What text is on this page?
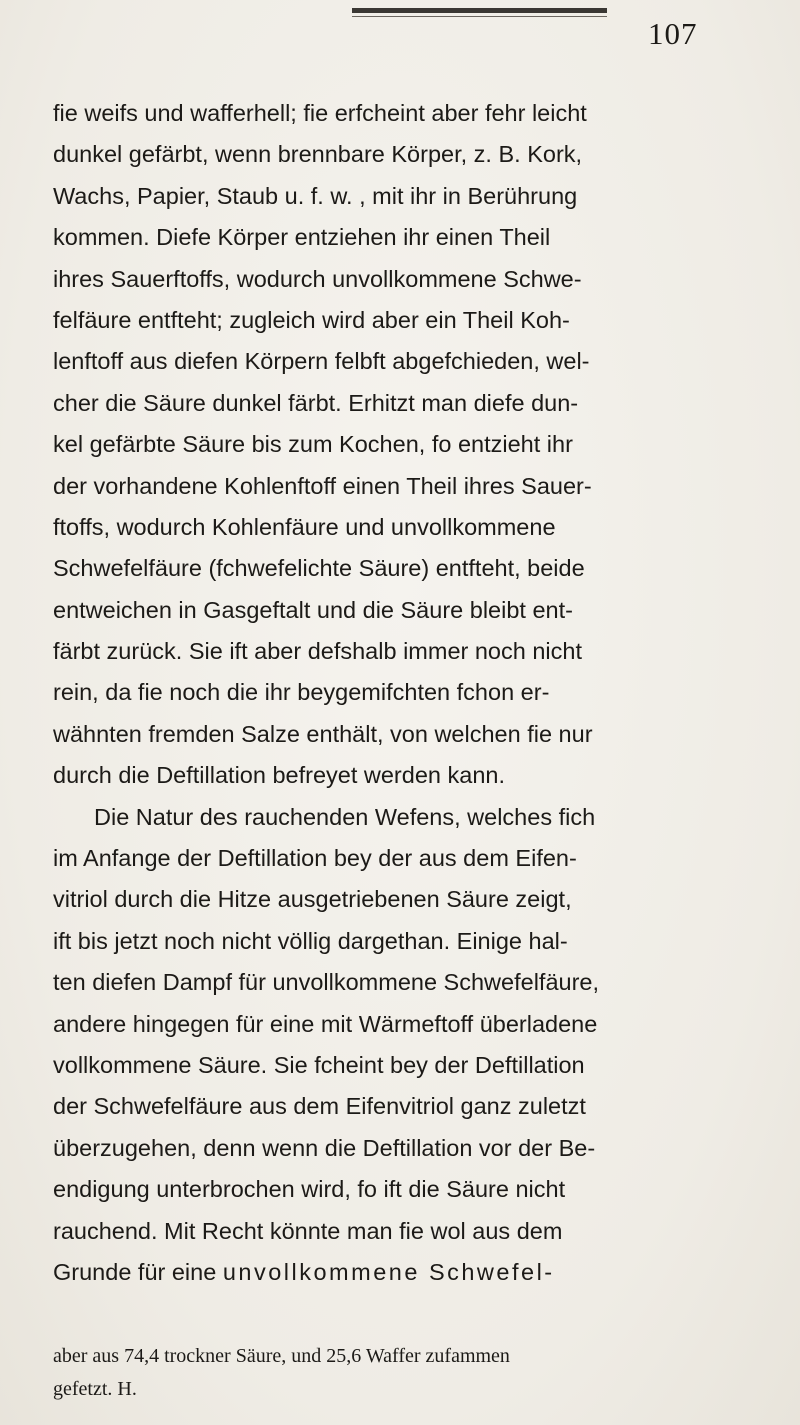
107
fie weifs und wafferhell; fie erfcheint aber fehr leicht
dunkel gefärbt, wenn brennbare Körper, z. B. Kork,
Wachs, Papier, Staub u. f. w. , mit ihr in Berührung
kommen. Diefe Körper entziehen ihr einen Theil
ihres Sauerftoffs, wodurch unvollkommene Schwe-
felfäure entfteht; zugleich wird aber ein Theil Koh-
lenftoff aus diefen Körpern felbft abgefchieden, wel-
cher die Säure dunkel färbt. Erhitzt man diefe dun-
kel gefärbte Säure bis zum Kochen, fo entzieht ihr
der vorhandene Kohlenftoff einen Theil ihres Sauer-
ftoffs, wodurch Kohlenfäure und unvollkommene
Schwefelfäure (fchwefelichte Säure) entfteht, beide
entweichen in Gasgeftalt und die Säure bleibt ent-
färbt zurück. Sie ift aber defshalb immer noch nicht
rein, da fie noch die ihr beygemifchten fchon er-
wähnten fremden Salze enthält, von welchen fie nur
durch die Deftillation befreyet werden kann.
Die Natur des rauchenden Wefens, welches fich
im Anfange der Deftillation bey der aus dem Eifen-
vitriol durch die Hitze ausgetriebenen Säure zeigt,
ift bis jetzt noch nicht völlig dargethan. Einige hal-
ten diefen Dampf für unvollkommene Schwefelfäure,
andere hingegen für eine mit Wärmeftoff überladene
vollkommene Säure. Sie fcheint bey der Deftillation
der Schwefelfäure aus dem Eifenvitriol ganz zuletzt
überzugehen, denn wenn die Deftillation vor der Be-
endigung unterbrochen wird, fo ift die Säure nicht
rauchend. Mit Recht könnte man fie wol aus dem
Grunde für eine unvollkommene Schwefel-
aber aus 74,4 trockner Säure, und 25,6 Waffer zufammen
gefetzt. H.
